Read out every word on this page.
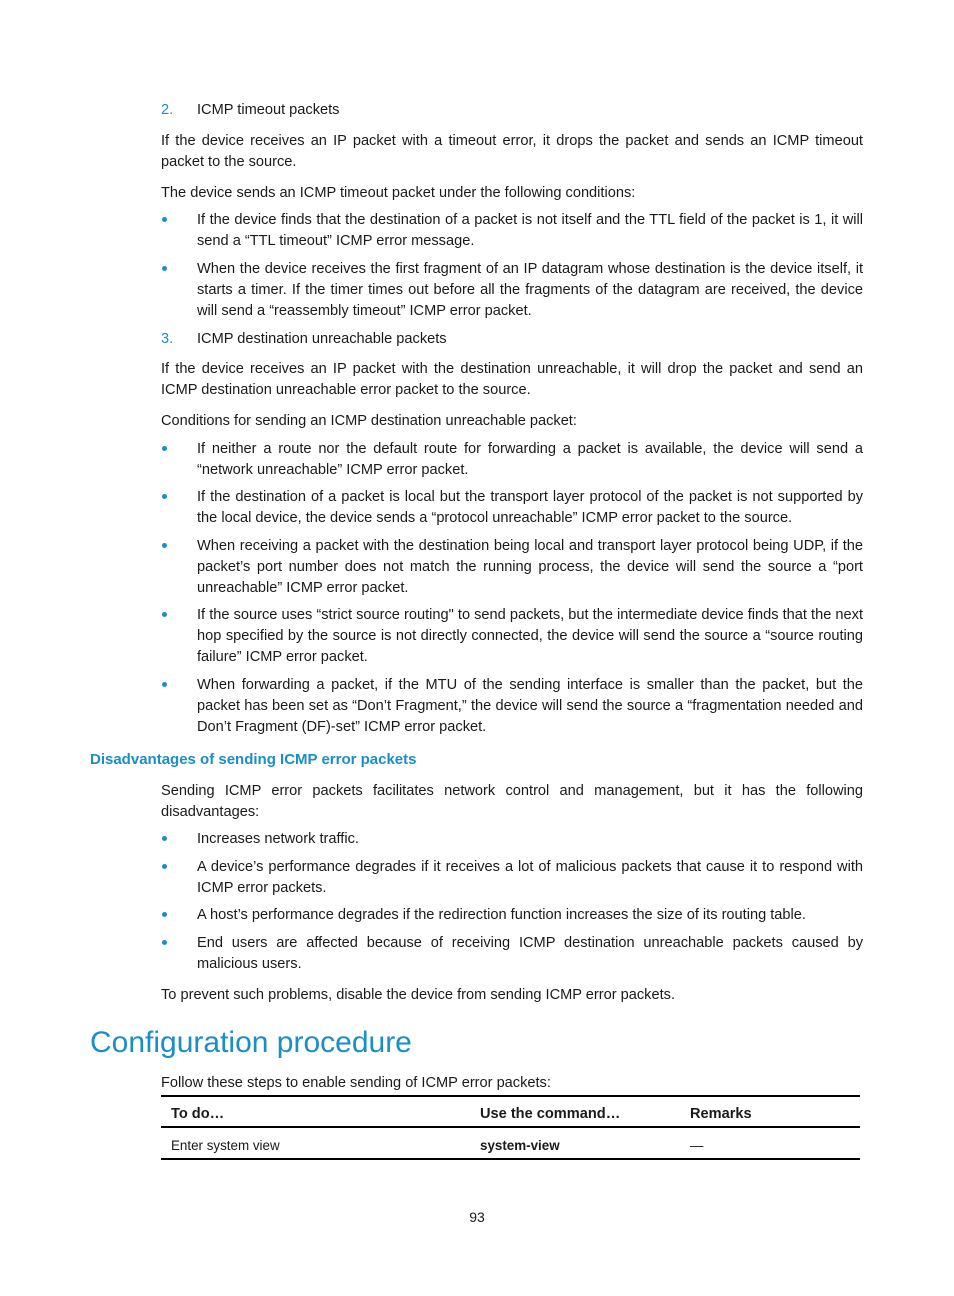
2. ICMP timeout packets
If the device receives an IP packet with a timeout error, it drops the packet and sends an ICMP timeout packet to the source.
The device sends an ICMP timeout packet under the following conditions:
If the device finds that the destination of a packet is not itself and the TTL field of the packet is 1, it will send a “TTL timeout” ICMP error message.
When the device receives the first fragment of an IP datagram whose destination is the device itself, it starts a timer. If the timer times out before all the fragments of the datagram are received, the device will send a “reassembly timeout” ICMP error packet.
3. ICMP destination unreachable packets
If the device receives an IP packet with the destination unreachable, it will drop the packet and send an ICMP destination unreachable error packet to the source.
Conditions for sending an ICMP destination unreachable packet:
If neither a route nor the default route for forwarding a packet is available, the device will send a “network unreachable” ICMP error packet.
If the destination of a packet is local but the transport layer protocol of the packet is not supported by the local device, the device sends a “protocol unreachable” ICMP error packet to the source.
When receiving a packet with the destination being local and transport layer protocol being UDP, if the packet’s port number does not match the running process, the device will send the source a “port unreachable” ICMP error packet.
If the source uses “strict source routing" to send packets, but the intermediate device finds that the next hop specified by the source is not directly connected, the device will send the source a “source routing failure” ICMP error packet.
When forwarding a packet, if the MTU of the sending interface is smaller than the packet, but the packet has been set as “Don’t Fragment,” the device will send the source a “fragmentation needed and Don’t Fragment (DF)-set” ICMP error packet.
Disadvantages of sending ICMP error packets
Sending ICMP error packets facilitates network control and management, but it has the following disadvantages:
Increases network traffic.
A device’s performance degrades if it receives a lot of malicious packets that cause it to respond with ICMP error packets.
A host’s performance degrades if the redirection function increases the size of its routing table.
End users are affected because of receiving ICMP destination unreachable packets caused by malicious users.
To prevent such problems, disable the device from sending ICMP error packets.
Configuration procedure
Follow these steps to enable sending of ICMP error packets:
To do…	Use the command…	Remarks
Enter system view	system-view	—
93
